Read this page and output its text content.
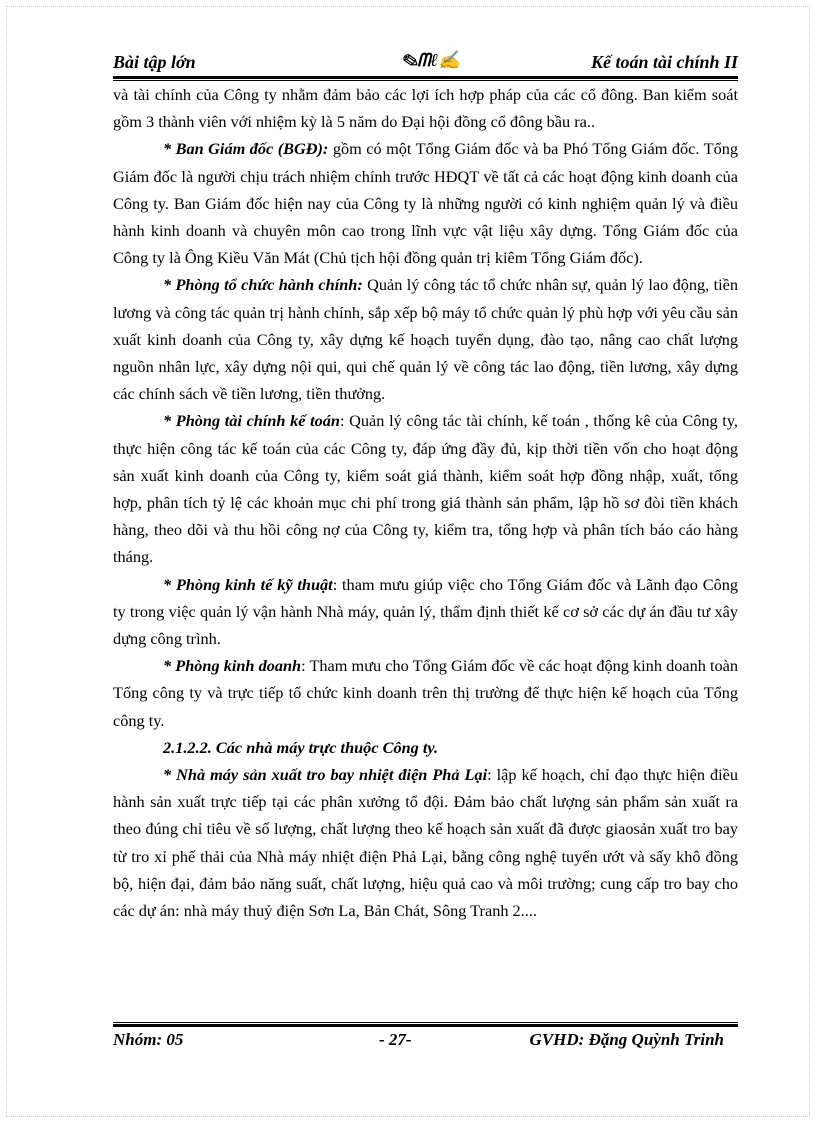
Bài tập lớn	✎ᗰℓ✍	Kế toán tài chính II

và tài chính của Công ty nhằm đảm bảo các lợi ích hợp pháp của các cổ đông. Ban kiểm soát gồm 3 thành viên với nhiệm kỳ là 5 năm do Đại hội đồng cổ đông bầu ra..

* Ban Giám đốc (BGĐ): gồm có một Tổng Giám đốc và ba Phó Tổng Giám đốc. Tổng Giám đốc là người chịu trách nhiệm chính trước HĐQT về tất cả các hoạt động kinh doanh của Công ty. Ban Giám đốc hiện nay của Công ty là những người có kinh nghiệm quản lý và điều hành kinh doanh và chuyên môn cao trong lĩnh vực vật liệu xây dựng. Tổng Giám đốc của Công ty là Ông Kiều Văn Mát (Chủ tịch hội đồng quản trị kiêm Tổng Giám đốc).

* Phòng tổ chức hành chính: Quản lý công tác tổ chức nhân sự, quản lý lao động, tiền lương và công tác quản trị hành chính, sắp xếp bộ máy tổ chức quản lý phù hợp với yêu cầu sản xuất kinh doanh của Công ty, xây dựng kế hoạch tuyển dụng, đào tạo, nâng cao chất lượng nguồn nhân lực, xây dựng nội qui, qui chế quản lý về công tác lao động, tiền lương, xây dựng các chính sách về tiền lương, tiền thưởng.

* Phòng tài chính kế toán: Quản lý công tác tài chính, kế toán , thống kê của Công ty, thực hiện công tác kế toán của các Công ty, đáp ứng đầy đủ, kịp thời tiền vốn cho hoạt động sản xuất kinh doanh của Công ty, kiểm soát giá thành, kiểm soát hợp đồng nhập, xuất, tổng hợp, phân tích tỷ lệ các khoản mục chi phí trong giá thành sản phẩm, lập hồ sơ đòi tiền khách hàng, theo dõi và thu hồi công nợ của Công ty, kiểm tra, tổng hợp và phân tích báo cáo hàng tháng.

* Phòng kinh tế kỹ thuật: tham mưu giúp việc cho Tổng Giám đốc và Lãnh đạo Công ty trong việc quản lý vận hành Nhà máy, quản lý, thẩm định thiết kế cơ sở các dự án đầu tư xây dựng công trình.

* Phòng kinh doanh: Tham mưu cho Tổng Giám đốc về các hoạt động kinh doanh toàn Tổng công ty và trực tiếp tổ chức kinh doanh trên thị trường để thực hiện kế hoạch của Tổng công ty.

2.1.2.2. Các nhà máy trực thuộc Công ty.

* Nhà máy sản xuất tro bay nhiệt điện Phả Lại: lập kế hoạch, chỉ đạo thực hiện điều hành sản xuất trực tiếp tại các phân xưởng tổ đội. Đảm bảo chất lượng sản phẩm sản xuất ra theo đúng chỉ tiêu về số lượng, chất lượng theo kế hoạch sản xuất đã được giaosản xuất tro bay từ tro xỉ phế thải của Nhà máy nhiệt điện Phả Lại, bằng công nghệ tuyển ướt và sấy khô đồng bộ, hiện đại, đảm bảo năng suất, chất lượng, hiệu quả cao và môi trường; cung cấp tro bay cho các dự án: nhà máy thuỷ điện Sơn La, Bản Chát, Sông Tranh 2....

Nhóm: 05	- 27-	GVHD: Đặng Quỳnh Trinh
